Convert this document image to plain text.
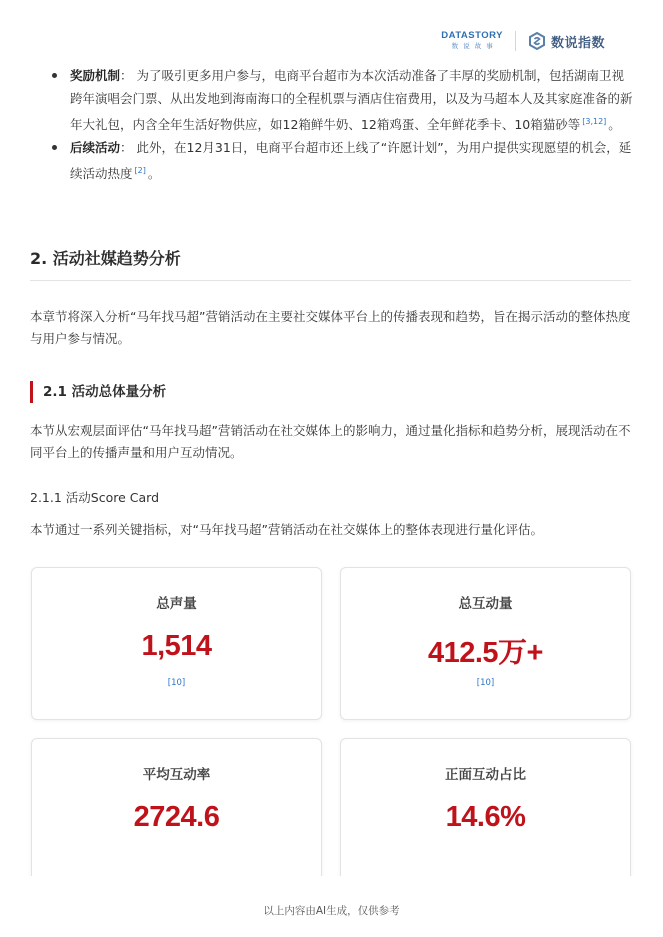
DATASTORY
数说故事	数说指数
奖励机制： 为了吸引更多用户参与，电商平台超市为本次活动准备了丰厚的奖励机制，包括湖南卫视跨年演唱会门票、从出发地到海南海口的全程机票与酒店住宿费用，以及为马超本人及其家庭准备的新年大礼包，内含全年生活好物供应，如12箱鲜牛奶、12箱鸡蛋、全年鲜花季卡、10箱猫砂等 [3,12] 。
后续活动： 此外，在12月31日，电商平台超市还上线了“许愿计划”，为用户提供实现愿望的机会，延续活动热度 [2] 。
2. 活动社媒趋势分析
本章节将深入分析“马年找马超”营销活动在主要社交媒体平台上的传播表现和趋势，旨在揭示活动的整体热度与用户参与情况。
2.1 活动总体量分析
本节从宏观层面评估“马年找马超”营销活动在社交媒体上的影响力，通过量化指标和趋势分析，展现活动在不同平台上的传播声量和用户互动情况。
2.1.1 活动Score Card
本节通过一系列关键指标，对“马年找马超”营销活动在社交媒体上的整体表现进行量化评估。
总声量
1,514
[10]
总互动量
412.5万+
[10]
平均互动率
2724.6
正面互动占比
14.6%
以上内容由AI生成，仅供参考
